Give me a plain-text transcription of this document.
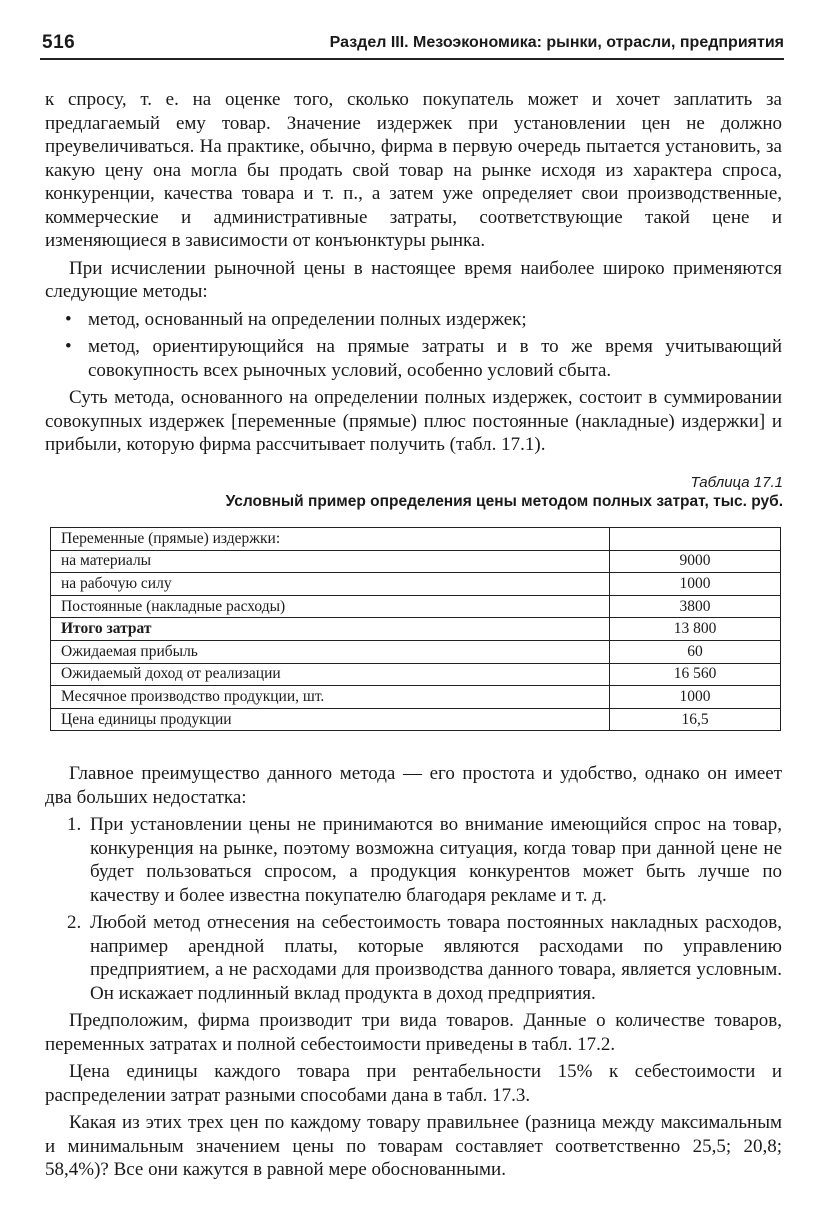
516	Раздел III. Мезоэкономика: рынки, отрасли, предприятия

к спросу, т. е. на оценке того, сколько покупатель может и хочет заплатить за предлагаемый ему товар. Значение издержек при установлении цен не должно преувеличиваться. На практике, обычно, фирма в первую очередь пытается установить, за какую цену она могла бы продать свой товар на рынке исходя из характера спроса, конкуренции, качества товара и т. п., а затем уже определяет свои производственные, коммерческие и административные затраты, соответствующие такой цене и изменяющиеся в зависимости от конъюнктуры рынка.

При исчислении рыночной цены в настоящее время наиболее широко применяются следующие методы:

• метод, основанный на определении полных издержек;
• метод, ориентирующийся на прямые затраты и в то же время учитывающий совокупность всех рыночных условий, особенно условий сбыта.

Суть метода, основанного на определении полных издержек, состоит в суммировании совокупных издержек [переменные (прямые) плюс постоянные (накладные) издержки] и прибыли, которую фирма рассчитывает получить (табл. 17.1).

Таблица 17.1
Условный пример определения цены методом полных затрат, тыс. руб.
Переменные (прямые) издержки:	
на материалы	9000
на рабочую силу	1000
Постоянные (накладные расходы)	3800
Итого затрат	13 800
Ожидаемая прибыль	60
Ожидаемый доход от реализации	16 560
Месячное производство продукции, шт.	1000
Цена единицы продукции	16,5

Главное преимущество данного метода — его простота и удобство, однако он имеет два больших недостатка:

1. При установлении цены не принимаются во внимание имеющийся спрос на товар, конкуренция на рынке, поэтому возможна ситуация, когда товар при данной цене не будет пользоваться спросом, а продукция конкурентов может быть лучше по качеству и более известна покупателю благодаря рекламе и т. д.
2. Любой метод отнесения на себестоимость товара постоянных накладных расходов, например арендной платы, которые являются расходами по управлению предприятием, а не расходами для производства данного товара, является условным. Он искажает подлинный вклад продукта в доход предприятия.

Предположим, фирма производит три вида товаров. Данные о количестве товаров, переменных затратах и полной себестоимости приведены в табл. 17.2.

Цена единицы каждого товара при рентабельности 15% к себестоимости и распределении затрат разными способами дана в табл. 17.3.

Какая из этих трех цен по каждому товару правильнее (разница между максимальным и минимальным значением цены по товарам составляет соответственно 25,5; 20,8; 58,4%)? Все они кажутся в равной мере обоснованными.
